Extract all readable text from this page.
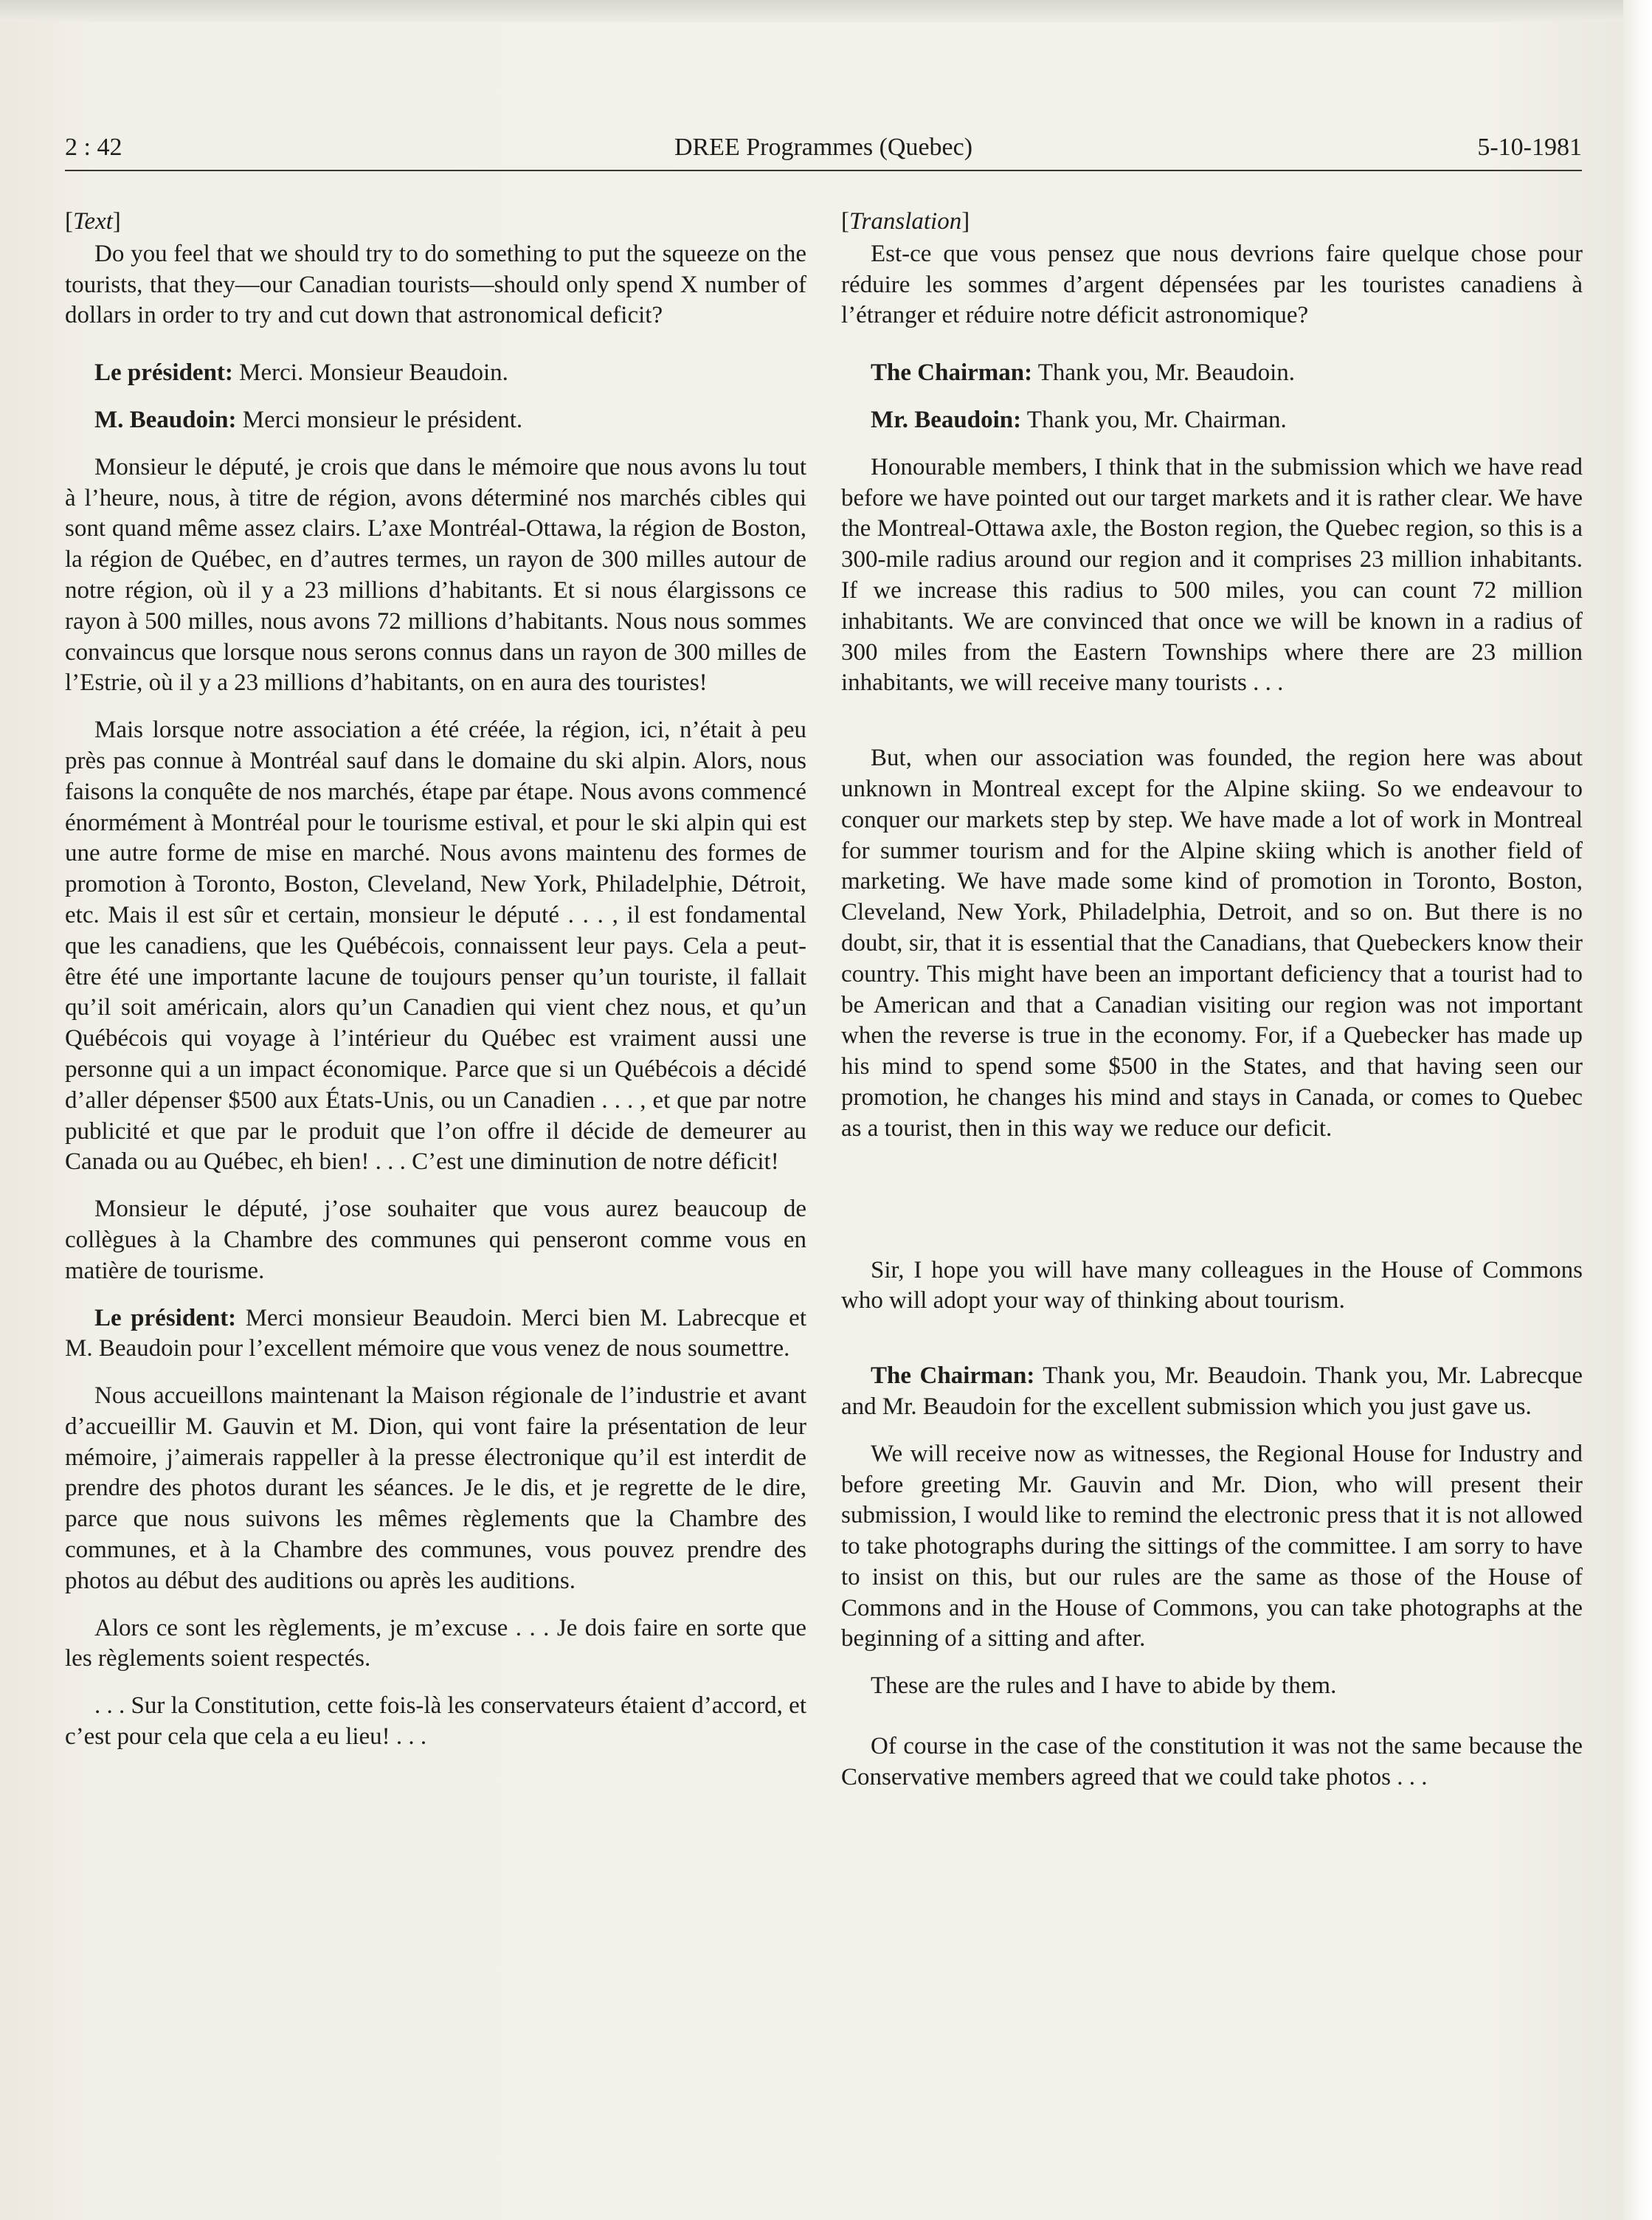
2 : 42	DREE Programmes (Quebec)	5-10-1981

[Text]

Do you feel that we should try to do something to put the squeeze on the tourists, that they—our Canadian tourists—should only spend X number of dollars in order to try and cut down that astronomical deficit?

Le président: Merci. Monsieur Beaudoin.

M. Beaudoin: Merci monsieur le président.

Monsieur le député, je crois que dans le mémoire que nous avons lu tout à l’heure, nous, à titre de région, avons déterminé nos marchés cibles qui sont quand même assez clairs. L’axe Montréal-Ottawa, la région de Boston, la région de Québec, en d’autres termes, un rayon de 300 milles autour de notre région, où il y a 23 millions d’habitants. Et si nous élargissons ce rayon à 500 milles, nous avons 72 millions d’habitants. Nous nous sommes convaincus que lorsque nous serons connus dans un rayon de 300 milles de l’Estrie, où il y a 23 millions d’habitants, on en aura des touristes!

Mais lorsque notre association a été créée, la région, ici, n’était à peu près pas connue à Montréal sauf dans le domaine du ski alpin. Alors, nous faisons la conquête de nos marchés, étape par étape. Nous avons commencé énormément à Montréal pour le tourisme estival, et pour le ski alpin qui est une autre forme de mise en marché. Nous avons maintenu des formes de promotion à Toronto, Boston, Cleveland, New York, Philadelphie, Détroit, etc. Mais il est sûr et certain, monsieur le député . . . , il est fondamental que les canadiens, que les Québécois, connaissent leur pays. Cela a peut-être été une importante lacune de toujours penser qu’un touriste, il fallait qu’il soit américain, alors qu’un Canadien qui vient chez nous, et qu’un Québécois qui voyage à l’intérieur du Québec est vraiment aussi une personne qui a un impact économique. Parce que si un Québécois a décidé d’aller dépenser $500 aux États-Unis, ou un Canadien . . . , et que par notre publicité et que par le produit que l’on offre il décide de demeurer au Canada ou au Québec, eh bien! . . . C’est une diminution de notre déficit!

Monsieur le député, j’ose souhaiter que vous aurez beaucoup de collègues à la Chambre des communes qui penseront comme vous en matière de tourisme.

Le président: Merci monsieur Beaudoin. Merci bien M. Labrecque et M. Beaudoin pour l’excellent mémoire que vous venez de nous soumettre.

Nous accueillons maintenant la Maison régionale de l’industrie et avant d’accueillir M. Gauvin et M. Dion, qui vont faire la présentation de leur mémoire, j’aimerais rappeller à la presse électronique qu’il est interdit de prendre des photos durant les séances. Je le dis, et je regrette de le dire, parce que nous suivons les mêmes règlements que la Chambre des communes, et à la Chambre des communes, vous pouvez prendre des photos au début des auditions ou après les auditions.

Alors ce sont les règlements, je m’excuse . . . Je dois faire en sorte que les règlements soient respectés.

. . . Sur la Constitution, cette fois-là les conservateurs étaient d’accord, et c’est pour cela que cela a eu lieu! . . .

[Translation]

Est-ce que vous pensez que nous devrions faire quelque chose pour réduire les sommes d’argent dépensées par les touristes canadiens à l’étranger et réduire notre déficit astronomique?

The Chairman: Thank you, Mr. Beaudoin.

Mr. Beaudoin: Thank you, Mr. Chairman.

Honourable members, I think that in the submission which we have read before we have pointed out our target markets and it is rather clear. We have the Montreal-Ottawa axle, the Boston region, the Quebec region, so this is a 300-mile radius around our region and it comprises 23 million inhabitants. If we increase this radius to 500 miles, you can count 72 million inhabitants. We are convinced that once we will be known in a radius of 300 miles from the Eastern Townships where there are 23 million inhabitants, we will receive many tourists . . .

But, when our association was founded, the region here was about unknown in Montreal except for the Alpine skiing. So we endeavour to conquer our markets step by step. We have made a lot of work in Montreal for summer tourism and for the Alpine skiing which is another field of marketing. We have made some kind of promotion in Toronto, Boston, Cleveland, New York, Philadelphia, Detroit, and so on. But there is no doubt, sir, that it is essential that the Canadians, that Quebeckers know their country. This might have been an important deficiency that a tourist had to be American and that a Canadian visiting our region was not important when the reverse is true in the economy. For, if a Quebecker has made up his mind to spend some $500 in the States, and that having seen our promotion, he changes his mind and stays in Canada, or comes to Quebec as a tourist, then in this way we reduce our deficit.

Sir, I hope you will have many colleagues in the House of Commons who will adopt your way of thinking about tourism.

The Chairman: Thank you, Mr. Beaudoin. Thank you, Mr. Labrecque and Mr. Beaudoin for the excellent submission which you just gave us.

We will receive now as witnesses, the Regional House for Industry and before greeting Mr. Gauvin and Mr. Dion, who will present their submission, I would like to remind the electronic press that it is not allowed to take photographs during the sittings of the committee. I am sorry to have to insist on this, but our rules are the same as those of the House of Commons and in the House of Commons, you can take photographs at the beginning of a sitting and after.

These are the rules and I have to abide by them.

Of course in the case of the constitution it was not the same because the Conservative members agreed that we could take photos . . .
